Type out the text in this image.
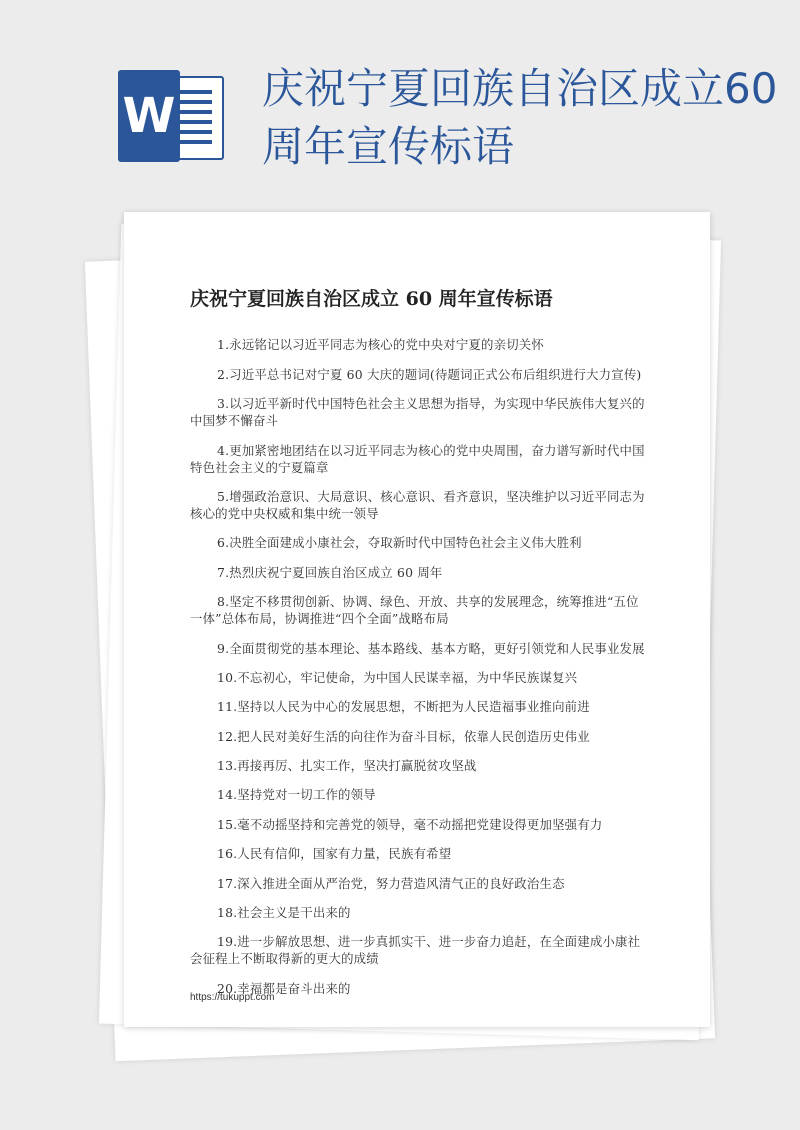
W 庆祝宁夏回族自治区成立60周年宣传标语
庆祝宁夏回族自治区成立 60 周年宣传标语

1.永远铭记以习近平同志为核心的党中央对宁夏的亲切关怀

2.习近平总书记对宁夏 60 大庆的题词(待题词正式公布后组织进行大力宣传)

3.以习近平新时代中国特色社会主义思想为指导，为实现中华民族伟大复兴的中国梦不懈奋斗

4.更加紧密地团结在以习近平同志为核心的党中央周围，奋力谱写新时代中国特色社会主义的宁夏篇章

5.增强政治意识、大局意识、核心意识、看齐意识，坚决维护以习近平同志为核心的党中央权威和集中统一领导

6.决胜全面建成小康社会，夺取新时代中国特色社会主义伟大胜利

7.热烈庆祝宁夏回族自治区成立 60 周年

8.坚定不移贯彻创新、协调、绿色、开放、共享的发展理念，统筹推进“五位一体”总体布局，协调推进“四个全面”战略布局

9.全面贯彻党的基本理论、基本路线、基本方略，更好引领党和人民事业发展

10.不忘初心，牢记使命，为中国人民谋幸福，为中华民族谋复兴

11.坚持以人民为中心的发展思想，不断把为人民造福事业推向前进

12.把人民对美好生活的向往作为奋斗目标，依靠人民创造历史伟业

13.再接再厉、扎实工作，坚决打赢脱贫攻坚战

14.坚持党对一切工作的领导

15.毫不动摇坚持和完善党的领导，毫不动摇把党建设得更加坚强有力

16.人民有信仰，国家有力量，民族有希望

17.深入推进全面从严治党，努力营造风清气正的良好政治生态

18.社会主义是干出来的

19.进一步解放思想、进一步真抓实干、进一步奋力追赶，在全面建成小康社会征程上不断取得新的更大的成绩

20.幸福都是奋斗出来的

https://tukuppt.com
